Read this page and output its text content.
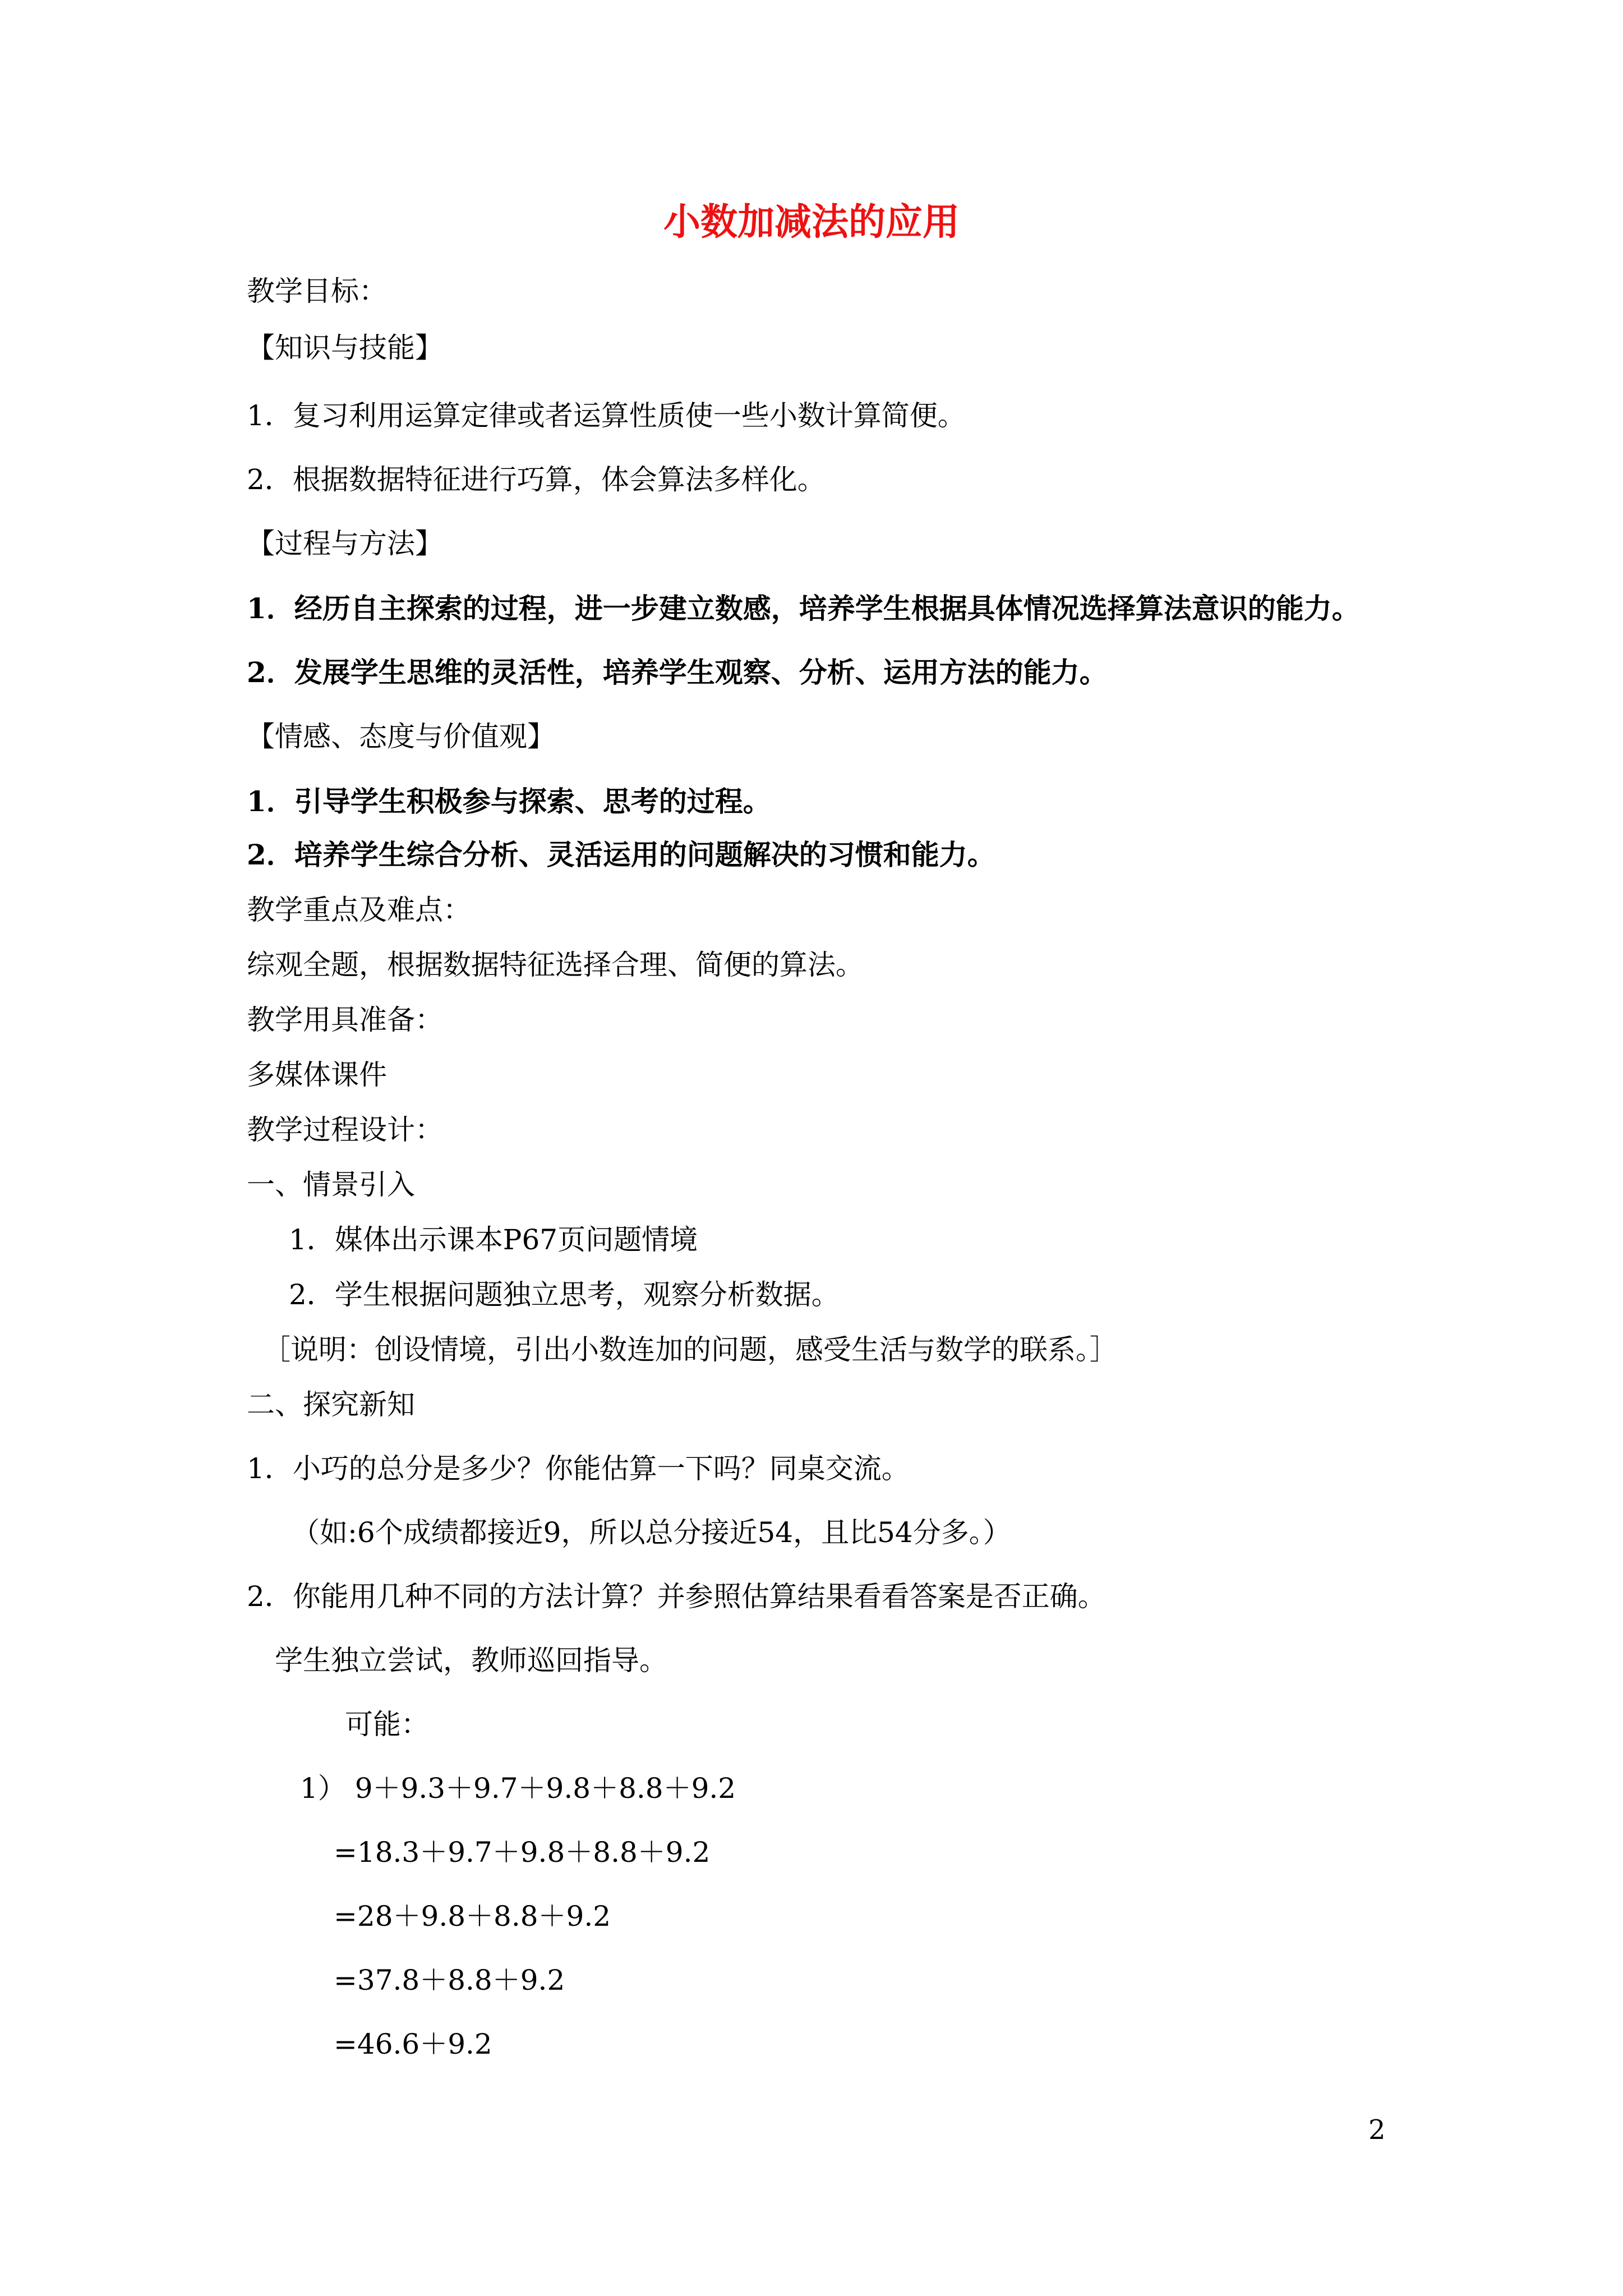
小数加减法的应用
教学目标：
【知识与技能】
1．复习利用运算定律或者运算性质使一些小数计算简便。
2．根据数据特征进行巧算，体会算法多样化。
【过程与方法】
1．经历自主探索的过程，进一步建立数感，培养学生根据具体情况选择算法意识的能力。
2．发展学生思维的灵活性，培养学生观察、分析、运用方法的能力。
【情感、态度与价值观】
1．引导学生积极参与探索、思考的过程。
2．培养学生综合分析、灵活运用的问题解决的习惯和能力。
教学重点及难点：
综观全题，根据数据特征选择合理、简便的算法。
教学用具准备：
多媒体课件
教学过程设计：
一、情景引入
1．媒体出示课本P67页问题情境
2．学生根据问题独立思考，观察分析数据。
［说明：创设情境，引出小数连加的问题，感受生活与数学的联系。］
二、探究新知
1．小巧的总分是多少？你能估算一下吗？同桌交流。
（如:6个成绩都接近9，所以总分接近54，且比54分多。）
2．你能用几种不同的方法计算？并参照估算结果看看答案是否正确。
学生独立尝试，教师巡回指导。
可能：
1） 9＋9.3＋9.7＋9.8＋8.8＋9.2
=18.3＋9.7＋9.8＋8.8＋9.2
=28＋9.8＋8.8＋9.2
=37.8＋8.8＋9.2
=46.6＋9.2
2
